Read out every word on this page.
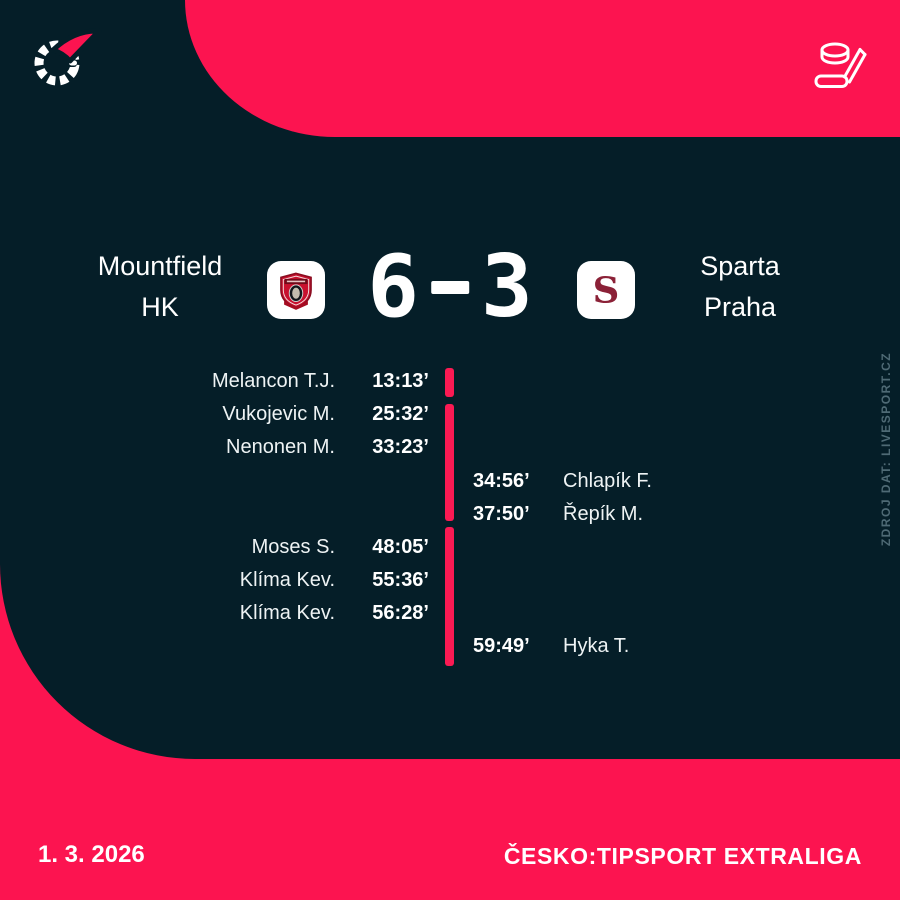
Mountfield
HK	6 3 S
Sparta
Praha
Melancon T.J.	13:13’
Vukojevic M.	25:32’
Nenonen M.	33:23’
34:56’	Chlapík F.
37:50’	Řepík M.
Moses S.	48:05’
Klíma Kev.	55:36’
Klíma Kev.	56:28’
59:49’	Hyka T.
ZDROJ DAT: LIVESPORT.CZ
1. 3. 2026	ČESKO:TIPSPORT EXTRALIGA
